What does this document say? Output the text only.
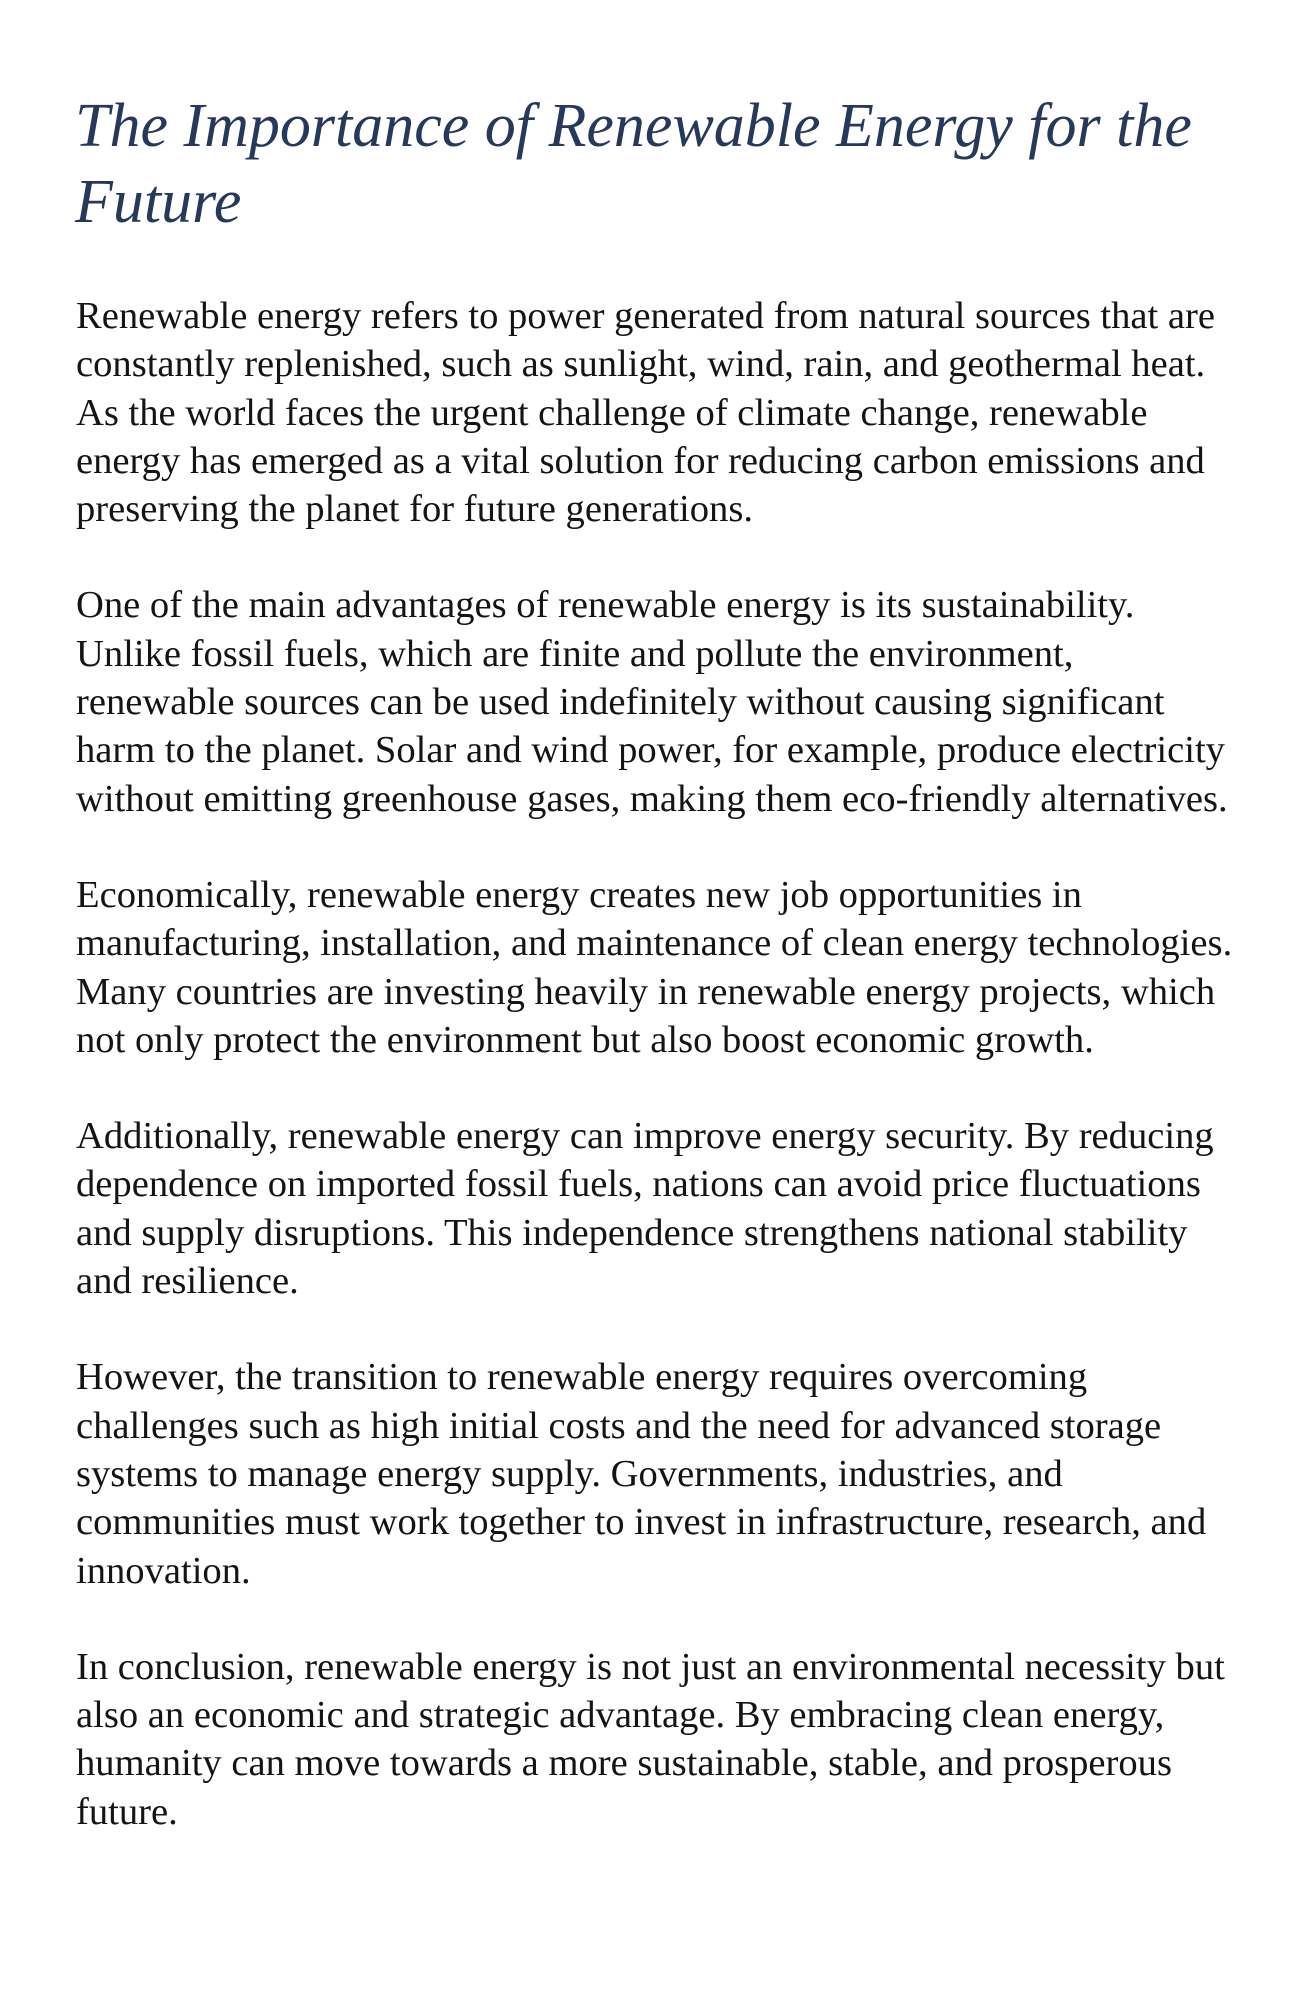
The Importance of Renewable Energy for the Future

Renewable energy refers to power generated from natural sources that are constantly replenished, such as sunlight, wind, rain, and geothermal heat. As the world faces the urgent challenge of climate change, renewable energy has emerged as a vital solution for reducing carbon emissions and preserving the planet for future generations.

One of the main advantages of renewable energy is its sustainability. Unlike fossil fuels, which are finite and pollute the environment, renewable sources can be used indefinitely without causing significant harm to the planet. Solar and wind power, for example, produce electricity without emitting greenhouse gases, making them eco-friendly alternatives.

Economically, renewable energy creates new job opportunities in manufacturing, installation, and maintenance of clean energy technologies. Many countries are investing heavily in renewable energy projects, which not only protect the environment but also boost economic growth.

Additionally, renewable energy can improve energy security. By reducing dependence on imported fossil fuels, nations can avoid price fluctuations and supply disruptions. This independence strengthens national stability and resilience.

However, the transition to renewable energy requires overcoming challenges such as high initial costs and the need for advanced storage systems to manage energy supply. Governments, industries, and communities must work together to invest in infrastructure, research, and innovation.

In conclusion, renewable energy is not just an environmental necessity but also an economic and strategic advantage. By embracing clean energy, humanity can move towards a more sustainable, stable, and prosperous future.
